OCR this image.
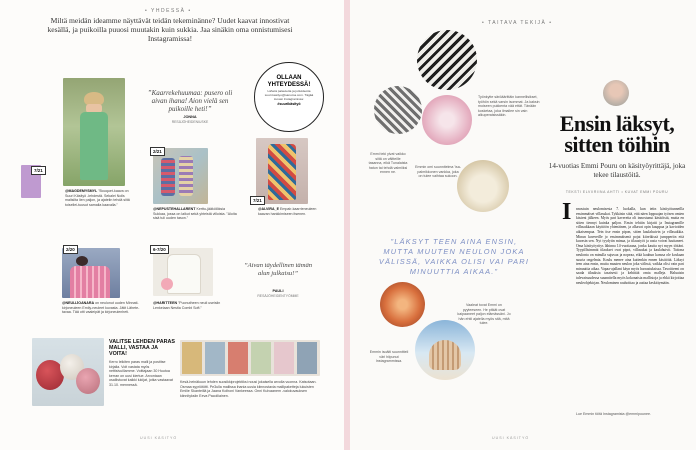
• YHDESSÄ •
Miltä meidän ideamme näyttävät teidän tekeminänne? Uudet kaavat innostivat kesällä, ja puikoilla puuosi muutakin kuin sukkia. Jaa sinäkin oma onnistumisesi Instagramissa!
7/21
”Kaarrekehuumaa: pusero oli aivan ihana! Aion vielä sen puikoille heti!”
JONNA
RESÄJÖHEIDENIUSKE
OLLAAN YHTEYDESSÄ!
Lähetä palautetta ja juttuideoita suuri.kasityo@sanoma.com. Tägää kuvasi Instagramissa:
#suurikäsityö
2/21
7/21
@MAGDEMYSMYL ”Bouquet-kaava on Suuri Käsityö -lehdestä. Sekalei Nolls malisilta lien paljon, ja ajatelin tehdä siitä toisellei-tuusut samalla kaavalla.”
@NEPUSTEHALLARENT Kerttu-jääkölöksia Sukkaa, jossa on laikut sekä yhteistä villoista. ”Aloita sisä tuli uuden tason.”
@ALVIRA_E Empair-kaarrieneuleen kaavan hankkimiseen itsenen.
2/20	6-7/20
”Aivan täydellinen tämän alun julkaisu!”
PAULI
RESÄJÖHEIDENTYÖMME
@NEULIJOANARA on neulonut uuden Minnati-kirjoneuleen Emily-neuleet kuvasta. Jätit Lähete-tavaa. Tää otti vaaleipät ja kirjoneulenheti.
@HARITTEEN ”Puonutheen neuli useisiin Lenkeiaan Nestia Combi Soft.”
VALITSE LEHDEN PARAS MALLI, VASTAA JA VOITA!
Kerro leikiten paras malli ja postitse kirjalla. Voit vastata myös nettisivuillamme. Voittajaan 30 Huutoa kerran on uusi kiertue. Arvontaan osallistuvat kaikki lukijat, jotka vastaavat 31.10. mennessä.
Kesä-heinäkuun lehden suosikkiprojektiksi nousi jokaisella arvolla vuonna. Katsotaan. Osmaa syyriötötti. Pe3ulla mallissa ihania uusia kiinnostavia mallipaketteja lukuisten Emilie Skanteillä ja Jaana Kolhoni Vankeessa. Onni Kulvaanem -valokuvauksen kiinnityksiin Eeva Pacolliainen.
UUSI KÄSITYÖ
• TAITAVA TEKIJÄ •
Työnkytte säröäärittäin kannellisikset, työhön sekä varsin isommat. Ja kaksin moiseen pukkenta vää ettät. Tänään kosketaa, joka ilmailee sin vain alkuperaisissäkin.
Emmi teki ylvat vaikko siitä on vältteille tasanna, eikä Tunalaista hatun tai tehdä valmiiksi ennen ne.
Emmin omi suunnitelma 'isa-palmikkonen vankka, joka on tulee vaihtaa sukoon.
”LÄKSYT TEEN AINA ENSIN, MUTTA MUUTEN NEULON JOKA VÄLISSÄ, VAIKKA OLISI VAI PARI MINUUTTIA AIKAA.”
Vaaleat tovat Emmi on pyyteeseen. He pitkät ovat kaipaaneet paljon elämässäni. Jo hän ehtii ajatella myös sitä, mitä tulee.
Emmin isoäiti suunnitteli väri hiipunut Instagrammissa.
Ensin läksyt,
sitten töihin
14-vuotias Emmi Pouru on käsityöyrittäjä, joka tekee tilaustöitä.
TEKSTI ELVIIRIINA AHTTI • KUVAT EMMI POURU
I	nnostuin neulomisesta 7. luokalla, kun teiin käsityötunneilla ensimmäiset villasukat. Tykkäsin siitä, että näen loppuajan työsen omien käsieni jälkeen. Myös pari kavereita oli innostunut käsitöistä, mutta en sitten tiennyt kuinka paljon. Ensin tehtiin kirjatti ja Instagramille villasukkaan käyttöön yhtenäinen, ja alkavat opin kauppaa ja kavioiden aikaisempaa. Tein itse ensin pipon, sitten kaulahuivin ja villasukkia. Minun kavereille jo ensimmäisenä pojat kiireikissä jumpperiin että kuvasin sen. Nyt tyydytin minua, ja tilaustyöt ja rasia voivat luuttaneet. Oma käsityöyritys lähinna 14-vuotiaana, jonka kautta nyt myyn töitäni. Tyypillisimmät tilaukset ovat pipot, villasukat ja kaulahuivit. Taitona neulonta on minulla sujuvaa ja nopeaa, eikä kauhun kanssa ole koskaan suuria ongelmia. Koulu menee aina kuitenkin ennen käsitöitä. Läksyt teen aina ensin, mutta muuten neulon joka välissä, vaikka olisi vain pari minuuttia aikaa. Vapaa-ajallani käyn myös harrastuksissa. Tavoitteeni on saada tilauksia tasaisesti ja kehittää omia malleja. Haluaisin tulevaisuudessa suunnitella myös kokonaisia mallistoja ja ehkä kirjoittaa neuleohjekirjan. Neulominen rauhoittaa ja auttaa keskittymään.
Lue Emmin töitä Instagramista @emmipounee.
UUSI KÄSITYÖ
